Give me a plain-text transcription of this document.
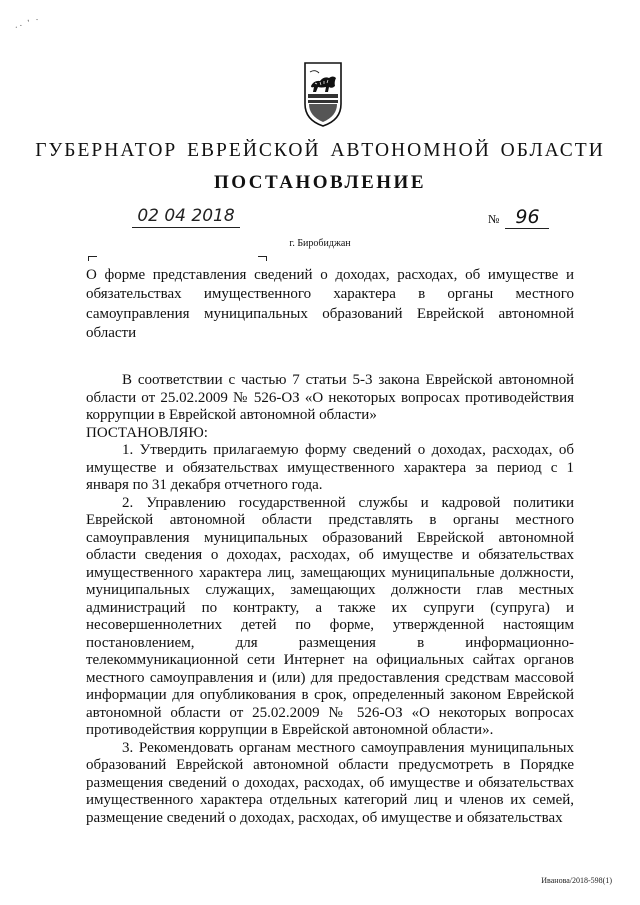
·· ' ·
ГУБЕРНАТОР ЕВРЕЙСКОЙ АВТОНОМНОЙ ОБЛАСТИ
ПОСТАНОВЛЕНИЕ
02 04 2018	№ 96
г. Биробиджан
О форме представления сведений о доходах, расходах, об имуществе и обязательствах имущественного характера в органы местного самоуправления муниципальных образований Еврейской автономной области

В соответствии с частью 7 статьи 5-3 закона Еврейской автономной области от 25.02.2009 № 526-ОЗ «О некоторых вопросах противодействия коррупции в Еврейской автономной области»

ПОСТАНОВЛЯЮ:

1. Утвердить прилагаемую форму сведений о доходах, расходах, об имуществе и обязательствах имущественного характера за период с 1 января по 31 декабря отчетного года.

2. Управлению государственной службы и кадровой политики Еврейской автономной области представлять в органы местного самоуправления муниципальных образований Еврейской автономной области сведения о доходах, расходах, об имуществе и обязательствах имущественного характера лиц, замещающих муниципальные должности, муниципальных служащих, замещающих должности глав местных администраций по контракту, а также их супруги (супруга) и несовершеннолетних детей по форме, утвержденной настоящим постановлением, для размещения в информационно-телекоммуникационной сети Интернет на официальных сайтах органов местного самоуправления и (или) для предоставления средствам массовой информации для опубликования в срок, определенный законом Еврейской автономной области от 25.02.2009 № 526-ОЗ «О некоторых вопросах противодействия коррупции в Еврейской автономной области».

3. Рекомендовать органам местного самоуправления муниципальных образований Еврейской автономной области предусмотреть в Порядке размещения сведений о доходах, расходах, об имуществе и обязательствах имущественного характера отдельных категорий лиц и членов их семей, размещение сведений о доходах, расходах, об имуществе и обязательствах

Иванова/2018-598(1)
